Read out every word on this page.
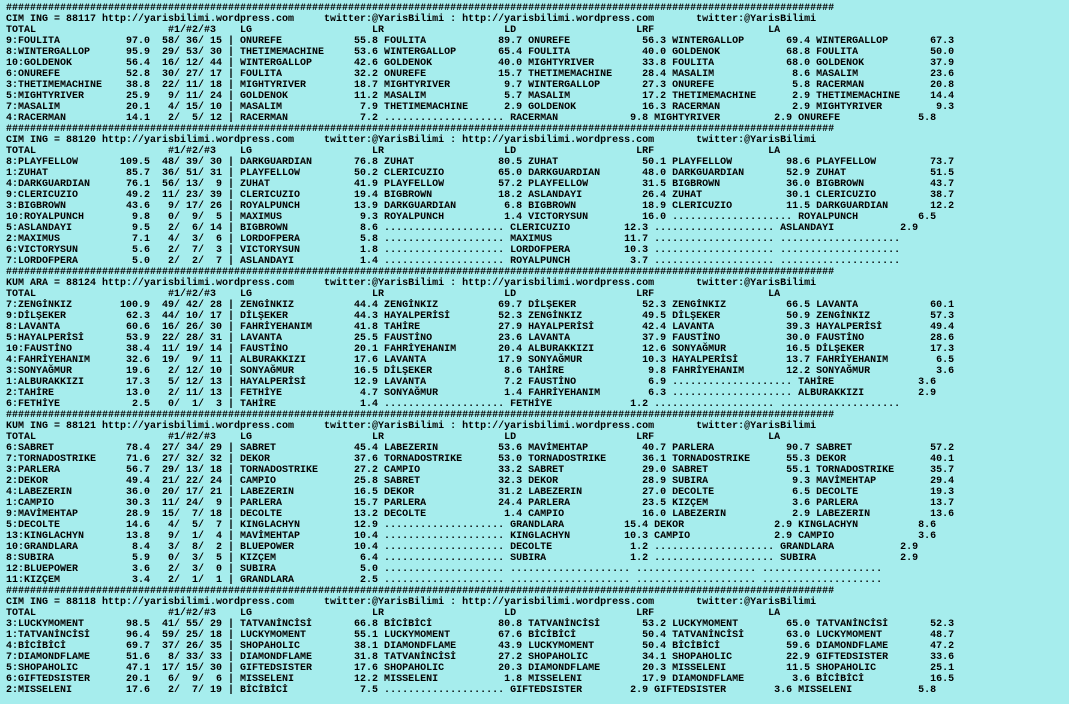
##########################################################################################################################################
CIM ING = 88117 http://yarisbilimi.wordpress.com     twitter:@YarisBilimi : http://yarisbilimi.wordpress.com       twitter:@YarisBilimi
TOTAL                      #1/#2/#3    LG                    LR                    LD                    LRF                   LA
9:FOULITA           97.0  58/ 36/ 15 | ONUREFE            55.8 FOULITA            89.7 ONUREFE            56.3 WINTERGALLOP       69.4 WINTERGALLOP       67.3
8:WINTERGALLOP      95.9  29/ 53/ 30 | THETIMEMACHINE     53.6 WINTERGALLOP       65.4 FOULITA            40.0 GOLDENOK           68.8 FOULITA            50.0
10:GOLDENOK         56.4  16/ 12/ 44 | WINTERGALLOP       42.6 GOLDENOK           40.0 MIGHTYRIVER        33.8 FOULITA            68.0 GOLDENOK           37.9
6:ONUREFE           52.8  30/ 27/ 17 | FOULITA            32.2 ONUREFE            15.7 THETIMEMACHINE     28.4 MASALIM             8.6 MASALIM            23.6
3:THETIMEMACHINE    38.8  22/ 11/ 18 | MIGHTYRIVER        18.7 MIGHTYRIVER         9.7 WINTERGALLOP       27.3 ONUREFE             5.8 RACERMAN           20.8
5:MIGHTYRIVER       25.9   9/ 11/ 24 | GOLDENOK           11.2 MASALIM             5.7 MASALIM            17.2 THETIMEMACHINE      2.9 THETIMEMACHINE     14.4
7:MASALIM           20.1   4/ 15/ 10 | MASALIM             7.9 THETIMEMACHINE      2.9 GOLDENOK           16.3 RACERMAN            2.9 MIGHTYRIVER         9.3
4:RACERMAN          14.1   2/  5/ 12 | RACERMAN            7.2 .................... RACERMAN            9.8 MIGHTYRIVER         2.9 ONUREFE             5.8
##########################################################################################################################################
CIM ING = 88120 http://yarisbilimi.wordpress.com     twitter:@YarisBilimi : http://yarisbilimi.wordpress.com       twitter:@YarisBilimi
TOTAL                      #1/#2/#3    LG                    LR                    LD                    LRF                   LA
8:PLAYFELLOW       109.5  48/ 39/ 30 | DARKGUARDIAN       76.8 ZUHAT              80.5 ZUHAT              50.1 PLAYFELLOW         98.6 PLAYFELLOW         73.7
1:ZUHAT             85.7  36/ 51/ 31 | PLAYFELLOW         50.2 CLERICUZIO         65.0 DARKGUARDIAN       48.0 DARKGUARDIAN       52.9 ZUHAT              51.5
4:DARKGUARDIAN      76.1  56/ 13/  9 | ZUHAT              41.9 PLAYFELLOW         57.2 PLAYFELLOW         31.5 BIGBROWN           36.0 BIGBROWN           43.7
9:CLERICUZIO        49.2  11/ 23/ 39 | CLERICUZIO         19.4 BIGBROWN           18.2 ASLANDAYI          26.4 ZUHAT              30.1 CLERICUZIO         38.7
3:BIGBROWN          43.6   9/ 17/ 26 | ROYALPUNCH         13.9 DARKGUARDIAN        6.8 BIGBROWN           18.9 CLERICUZIO         11.5 DARKGUARDIAN       12.2
10:ROYALPUNCH        9.8   0/  9/  5 | MAXIMUS             9.3 ROYALPUNCH          1.4 VICTORYSUN         16.0 .................... ROYALPUNCH          6.5
5:ASLANDAYI          9.5   2/  6/ 14 | BIGBROWN            8.6 .................... CLERICUZIO         12.3 .................... ASLANDAYI           2.9
2:MAXIMUS            7.1   4/  3/  6 | LORDOFPERA          5.8 .................... MAXIMUS            11.7 .................... ....................
6:VICTORYSUN         5.6   2/  7/  3 | VICTORYSUN          1.8 .................... LORDOFPERA         10.3 .................... ....................
7:LORDOFPERA         5.0   2/  2/  7 | ASLANDAYI           1.4 .................... ROYALPUNCH          3.7 .................... ....................
##########################################################################################################################################
KUM ARA = 88124 http://yarisbilimi.wordpress.com     twitter:@YarisBilimi : http://yarisbilimi.wordpress.com       twitter:@YarisBilimi
TOTAL                      #1/#2/#3    LG                    LR                    LD                    LRF                   LA
7:ZENGİNKIZ        100.9  49/ 42/ 28 | ZENGİNKIZ          44.4 ZENGİNKIZ          69.7 DİLŞEKER           52.3 ZENGİNKIZ          66.5 LAVANTA            60.1
9:DİLŞEKER          62.3  44/ 10/ 17 | DİLŞEKER           44.3 HAYALPERİSİ        52.3 ZENGİNKIZ          49.5 DİLŞEKER           50.9 ZENGİNKIZ          57.3
8:LAVANTA           60.6  16/ 26/ 30 | FAHRİYEHANIM       41.8 TAHİRE             27.9 HAYALPERİSİ        42.4 LAVANTA            39.3 HAYALPERİSİ        49.4
5:HAYALPERİSİ       53.9  22/ 28/ 31 | LAVANTA            25.5 FAUSTİNO           23.6 LAVANTA            37.9 FAUSTİNO           30.0 FAUSTİNO           28.6
10:FAUSTİNO         38.4  11/ 19/ 14 | FAUSTİNO           20.1 FAHRİYEHANIM       20.4 ALBURAKKIZI        12.6 SONYAĞMUR          16.5 DİLŞEKER           17.3
4:FAHRİYEHANIM      32.6  19/  9/ 11 | ALBURAKKIZI        17.6 LAVANTA            17.9 SONYAĞMUR          10.3 HAYALPERİSİ        13.7 FAHRİYEHANIM        6.5
3:SONYAĞMUR         19.6   2/ 12/ 10 | SONYAĞMUR          16.5 DİLŞEKER            8.6 TAHİRE              9.8 FAHRİYEHANIM       12.2 SONYAĞMUR           3.6
1:ALBURAKKIZI       17.3   5/ 12/ 13 | HAYALPERİSİ        12.9 LAVANTA             7.2 FAUSTİNO            6.9 .................... TAHİRE              3.6
2:TAHİRE            13.0   2/ 11/ 13 | FETHİYE             4.7 SONYAĞMUR           1.4 FAHRİYEHANIM        6.3 .................... ALBURAKKIZI         2.9
6:FETHİYE            2.5   0/  1/  3 | TAHİRE              1.4 .................... FETHİYE             1.2 .................... ....................
##########################################################################################################################################
KUM ING = 88121 http://yarisbilimi.wordpress.com     twitter:@YarisBilimi : http://yarisbilimi.wordpress.com       twitter:@YarisBilimi
TOTAL                      #1/#2/#3    LG                    LR                    LD                    LRF                   LA
6:SABRET            78.4  27/ 34/ 29 | SABRET             45.4 LABEZERIN          53.6 MAVİMEHTAP         40.7 PARLERA            90.7 SABRET             57.2
7:TORNADOSTRIKE     71.6  27/ 32/ 32 | DEKOR              37.6 TORNADOSTRIKE      53.0 TORNADOSTRIKE      36.1 TORNADOSTRIKE      55.3 DEKOR              40.1
3:PARLERA           56.7  29/ 13/ 18 | TORNADOSTRIKE      27.2 CAMPIO             33.2 SABRET             29.0 SABRET             55.1 TORNADOSTRIKE      35.7
2:DEKOR             49.4  21/ 22/ 24 | CAMPIO             25.8 SABRET             32.3 DEKOR              28.9 SUBIRA              9.3 MAVİMEHTAP         29.4
4:LABEZERIN         36.0  20/ 17/ 21 | LABEZERIN          16.5 DEKOR              31.2 LABEZERIN          27.0 DECOLTE             6.5 DECOLTE            19.3
1:CAMPIO            30.3  11/ 24/  9 | PARLERA            15.7 PARLERA            24.4 PARLERA            23.5 KIZÇEM              3.6 PARLERA            13.7
9:MAVİMEHTAP        28.9  15/  7/ 18 | DECOLTE            13.2 DECOLTE             1.4 CAMPIO             16.0 LABEZERIN           2.9 LABEZERIN          13.6
5:DECOLTE           14.6   4/  5/  7 | KINGLACHYN         12.9 .................... GRANDLARA          15.4 DEKOR               2.9 KINGLACHYN          8.6
13:KINGLACHYN       13.8   9/  1/  4 | MAVİMEHTAP         10.4 .................... KINGLACHYN         10.3 CAMPIO              2.9 CAMPIO              3.6
10:GRANDLARA         8.4   3/  8/  2 | BLUEPOWER          10.4 .................... DECOLTE             1.2 .................... GRANDLARA           2.9
8:SUBIRA             5.9   0/  3/  5 | KIZÇEM              6.4 .................... SUBIRA              1.2 .................... SUBIRA              2.9
12:BLUEPOWER         3.6   2/  3/  0 | SUBIRA              5.0 .................... .................... .................... ....................
11:KIZÇEM            3.4   2/  1/  1 | GRANDLARA           2.5 .................... .................... .................... ....................
##########################################################################################################################################
CIM ING = 88118 http://yarisbilimi.wordpress.com     twitter:@YarisBilimi : http://yarisbilimi.wordpress.com       twitter:@YarisBilimi
TOTAL                      #1/#2/#3    LG                    LR                    LD                    LRF                   LA
3:LUCKYMOMENT       98.5  41/ 55/ 29 | TATVANİNCİSİ       66.8 BİCİBİCİ           80.8 TATVANİNCİSİ       53.2 LUCKYMOMENT        65.0 TATVANİNCİSİ       52.3
1:TATVANİNCİSİ      96.4  59/ 25/ 18 | LUCKYMOMENT        55.1 LUCKYMOMENT        67.6 BİCİBİCİ           50.4 TATVANİNCİSİ       63.0 LUCKYMOMENT        48.7
4:BİCİBİCİ          69.7  37/ 26/ 35 | SHOPAHOLIC         38.1 DIAMONDFLAME       43.9 LUCKYMOMENT        50.4 BİCİBİCİ           59.6 DIAMONDFLAME       47.2
7:DIAMONDFLAME      51.6   8/ 33/ 33 | DIAMONDFLAME       31.8 TATVANİNCİSİ       27.2 SHOPAHOLIC         34.1 SHOPAHOLIC         22.9 GIFTEDSISTER       33.6
5:SHOPAHOLIC        47.1  17/ 15/ 30 | GIFTEDSISTER       17.6 SHOPAHOLIC         20.3 DIAMONDFLAME       20.3 MISSELENI          11.5 SHOPAHOLIC         25.1
6:GIFTEDSISTER      20.1   6/  9/  6 | MISSELENI          12.2 MISSELENI           1.8 MISSELENI          17.9 DIAMONDFLAME        3.6 BİCİBİCİ           16.5
2:MISSELENI         17.6   2/  7/ 19 | BİCİBİCİ            7.5 .................... GIFTEDSISTER        2.9 GIFTEDSISTER        3.6 MISSELENI           5.8
